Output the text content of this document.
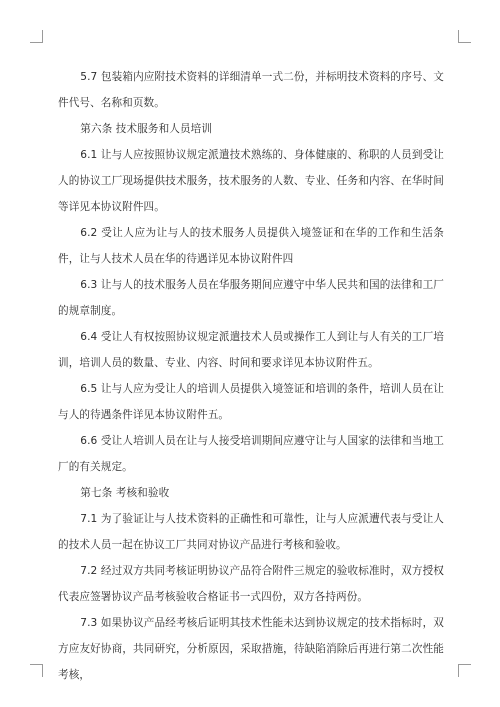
5.7 包装箱内应附技术资料的详细清单一式二份，并标明技术资料的序号、文件代号、名称和页数。

第六条 技术服务和人员培训

6.1 让与人应按照协议规定派遣技术熟练的、身体健康的、称职的人员到受让人的协议工厂现场提供技术服务，技术服务的人数、专业、任务和内容、在华时间等详见本协议附件四。

6.2 受让人应为让与人的技术服务人员提供入境签证和在华的工作和生活条件，让与人技术人员在华的待遇详见本协议附件四

6.3 让与人的技术服务人员在华服务期间应遵守中华人民共和国的法律和工厂的规章制度。

6.4 受让人有权按照协议规定派遣技术人员或操作工人到让与人有关的工厂培训，培训人员的数量、专业、内容、时间和要求详见本协议附件五。

6.5 让与人应为受让人的培训人员提供入境签证和培训的条件，培训人员在让与人的待遇条件详见本协议附件五。

6.6 受让人培训人员在让与人接受培训期间应遵守让与人国家的法律和当地工厂的有关规定。

第七条 考核和验收

7.1 为了验证让与人技术资料的正确性和可靠性，让与人应派遭代表与受让人的技术人员一起在协议工厂共同对协议产品进行考核和验收。

7.2 经过双方共同考核证明协议产品符合附件三规定的验收标准时，双方授权代表应签署协议产品考核验收合格证书一式四份，双方各持两份。

7.3 如果协议产品经考核后证明其技术性能未达到协议规定的技术指标时，双方应友好协商，共同研究，分析原因，采取措施，待缺陷消除后再进行第二次性能考核，
